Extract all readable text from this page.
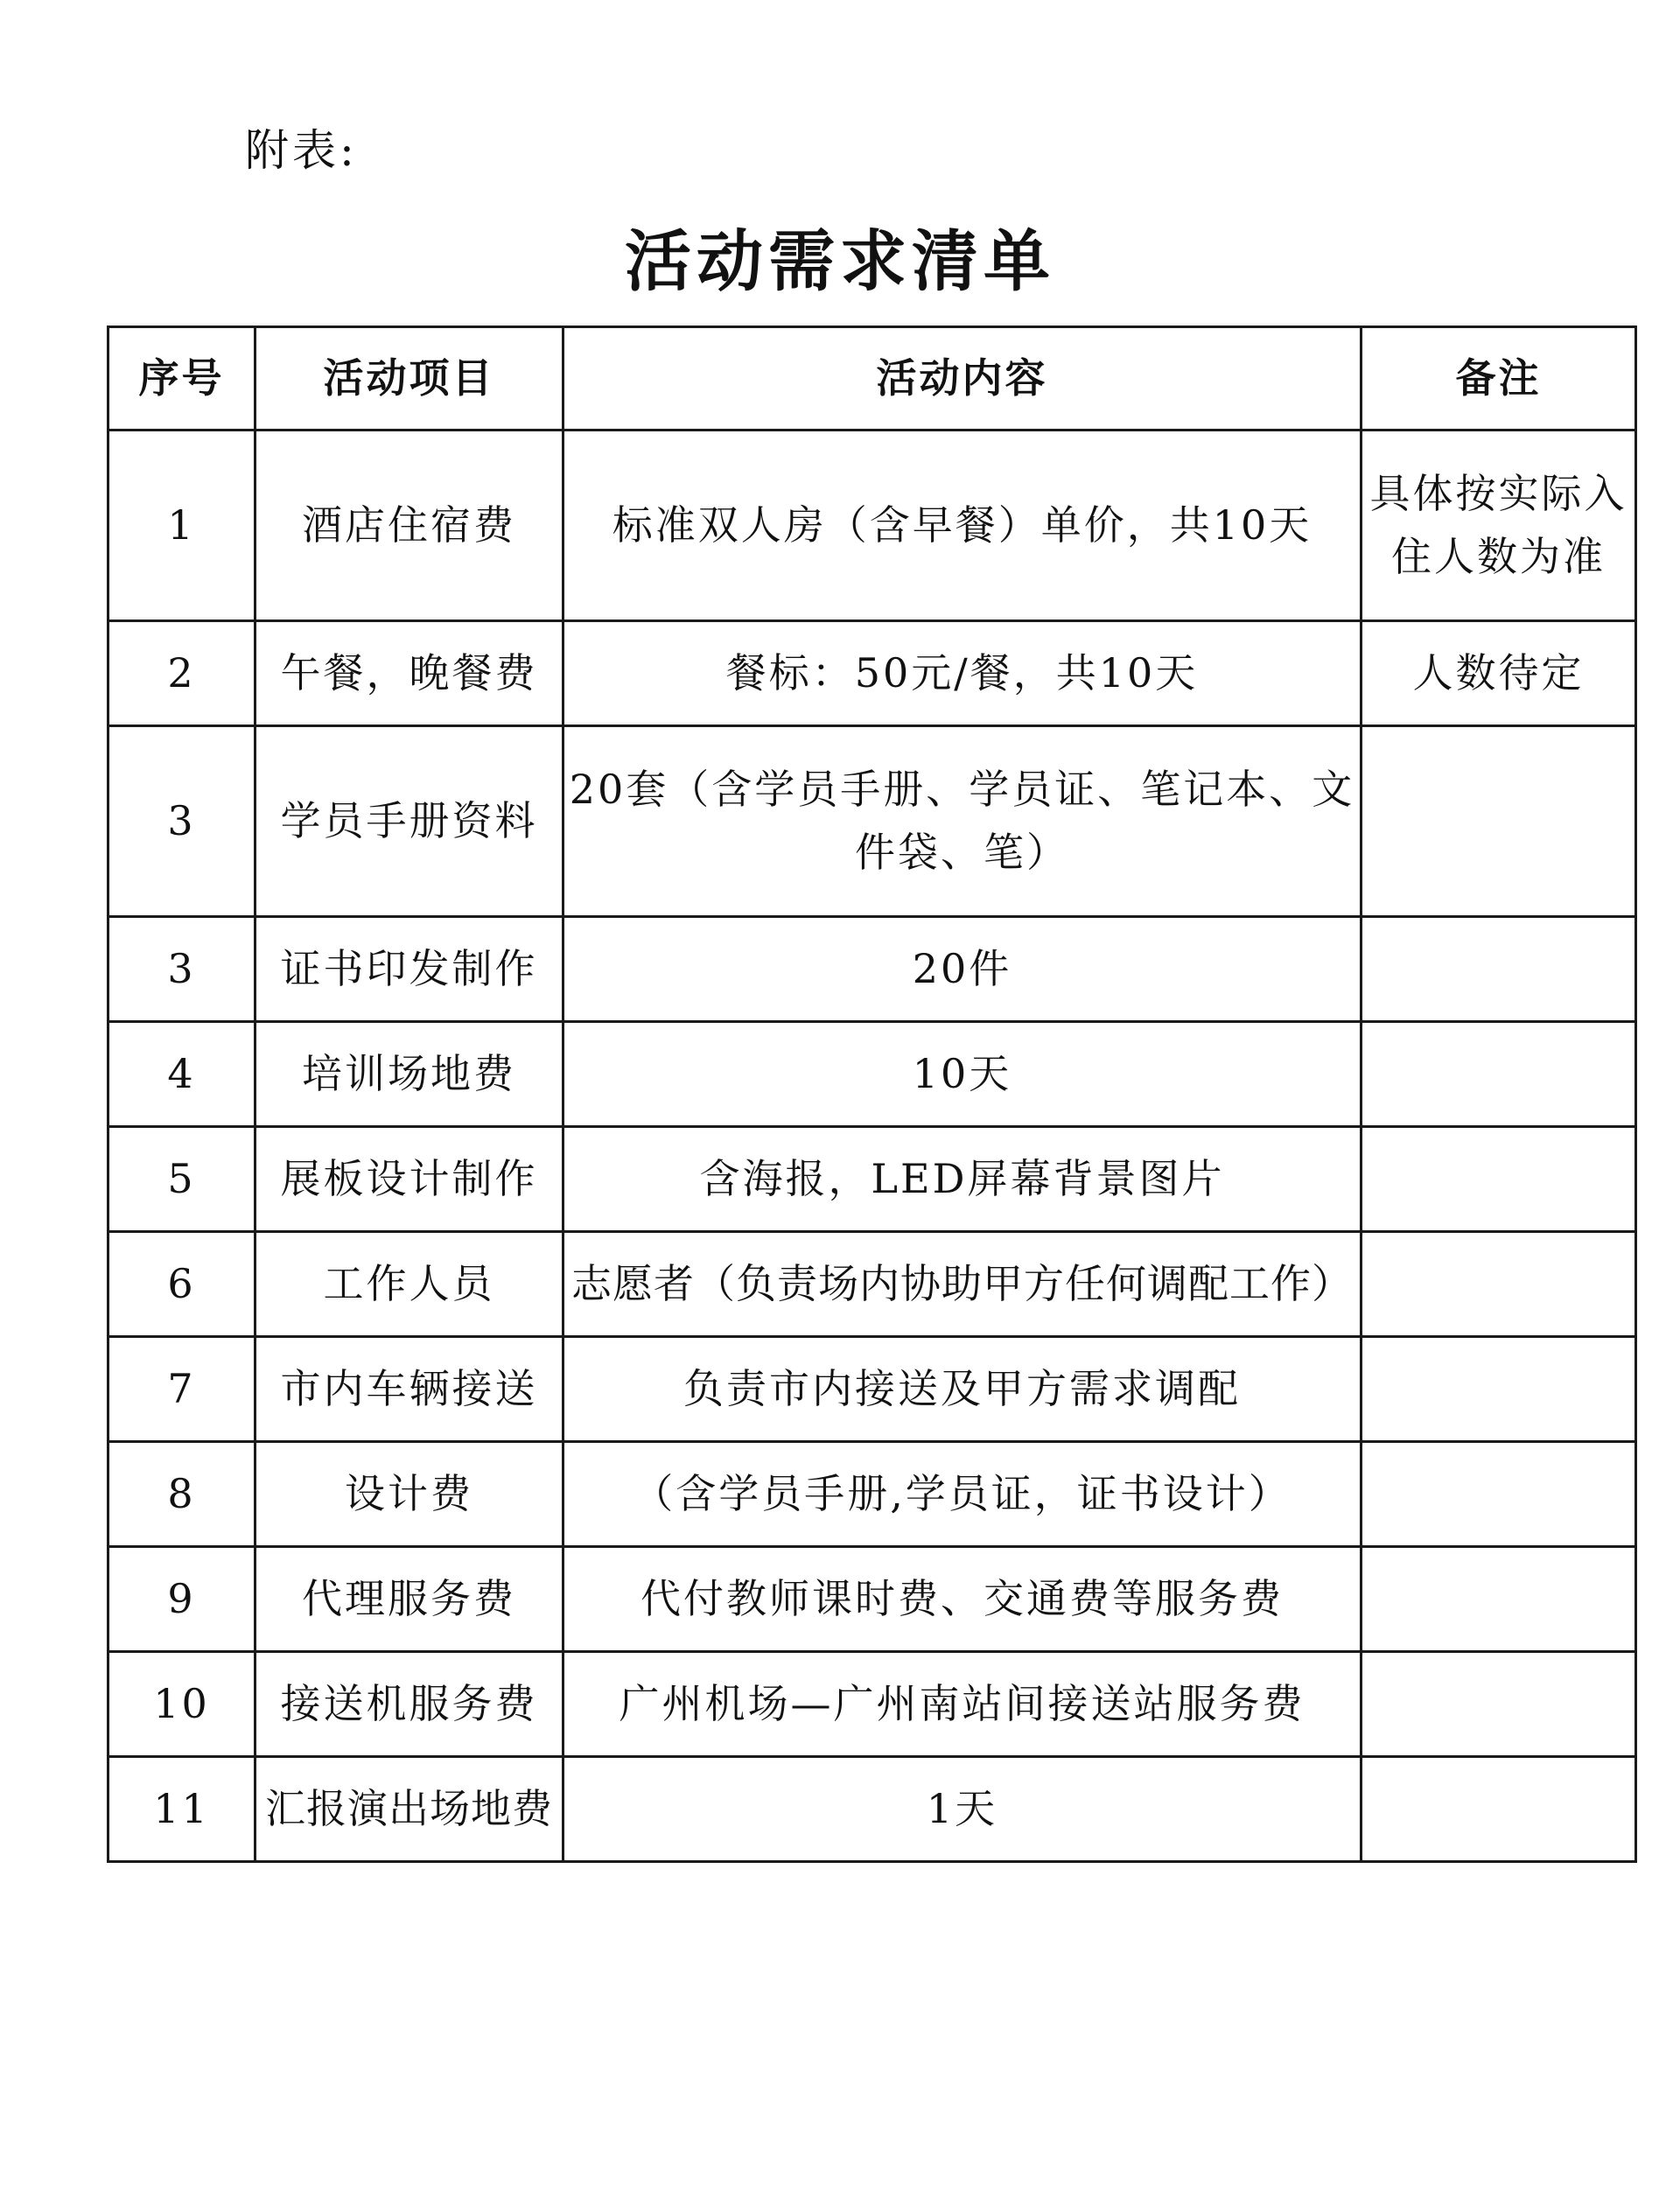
附表:
活动需求清单
序号	活动项目	活动内容	备注
1	酒店住宿费	标准双人房（含早餐）单价，共10天	具体按实际入住人数为准
2	午餐，晚餐费	餐标：50元/餐，共10天	人数待定
3	学员手册资料	20套（含学员手册、学员证、笔记本、文件袋、笔）	
3	证书印发制作	20件	
4	培训场地费	10天	
5	展板设计制作	含海报，LED屏幕背景图片	
6	工作人员	志愿者（负责场内协助甲方任何调配工作）	
7	市内车辆接送	负责市内接送及甲方需求调配	
8	设计费	（含学员手册,学员证，证书设计）	
9	代理服务费	代付教师课时费、交通费等服务费	
10	接送机服务费	广州机场—广州南站间接送站服务费	
11	汇报演出场地费	1天	
